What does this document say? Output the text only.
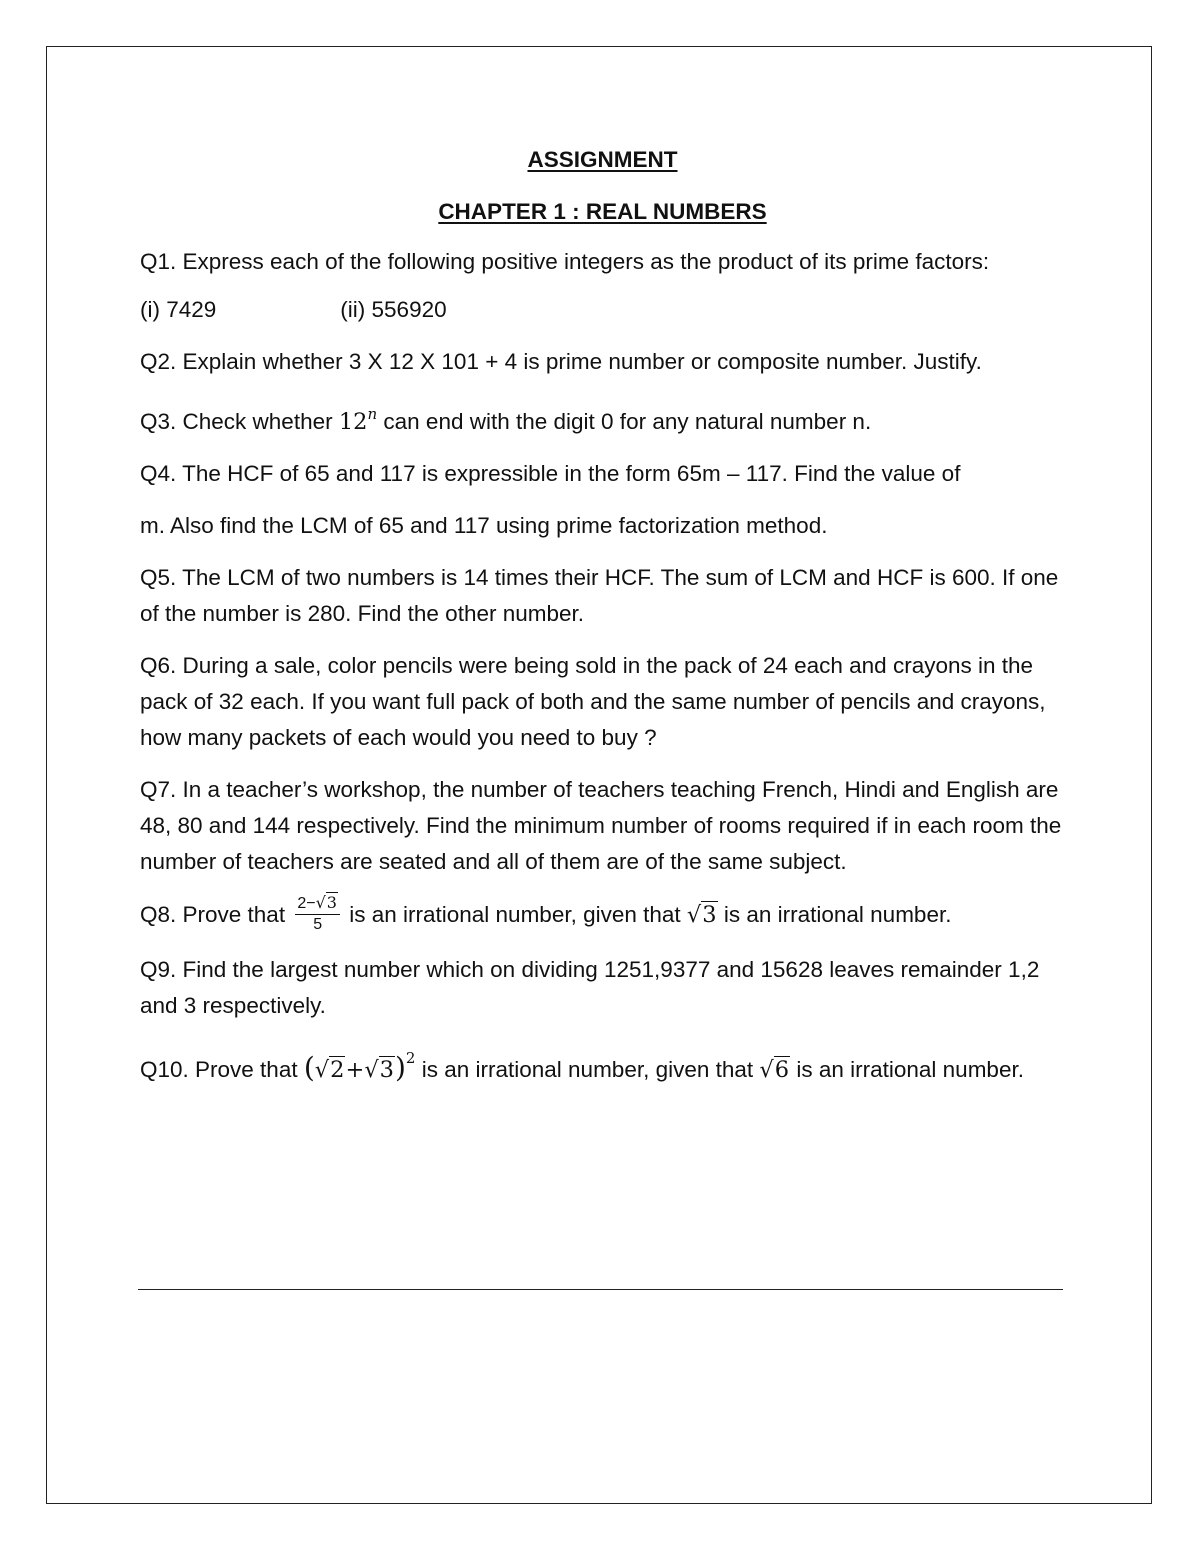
ASSIGNMENT

CHAPTER 1 : REAL NUMBERS

Q1. Express each of the following positive integers as the product of its prime factors:

(i) 7429	(ii) 556920

Q2. Explain whether 3 X 12 X 101 + 4 is prime number or composite number. Justify.

Q3. Check whether 12$^n$ can end with the digit 0 for any natural number n.

Q4. The HCF of 65 and 117 is expressible in the form 65m – 117. Find the value of

m. Also find the LCM of 65 and 117 using prime factorization method.

Q5. The LCM of two numbers is 14 times their HCF. The sum of LCM and HCF is 600. If one of the number is 280. Find the other number.

Q6. During a sale, color pencils were being sold in the pack of 24 each and crayons in the pack of 32 each. If you want full pack of both and the same number of pencils and crayons, how many packets of each would you need to buy ?

Q7. In a teacher’s workshop, the number of teachers teaching French, Hindi and English are 48, 80 and 144 respectively. Find the minimum number of rooms required if in each room the number of teachers are seated and all of them are of the same subject.

Q8. Prove that $\frac{2-√3}{5}$ is an irrational number, given that √3 is an irrational number.

Q9. Find the largest number which on dividing 1251,9377 and 15628 leaves remainder 1,2 and 3 respectively.

Q10. Prove that $(√2+√3)^2$ is an irrational number, given that √6 is an irrational number.
